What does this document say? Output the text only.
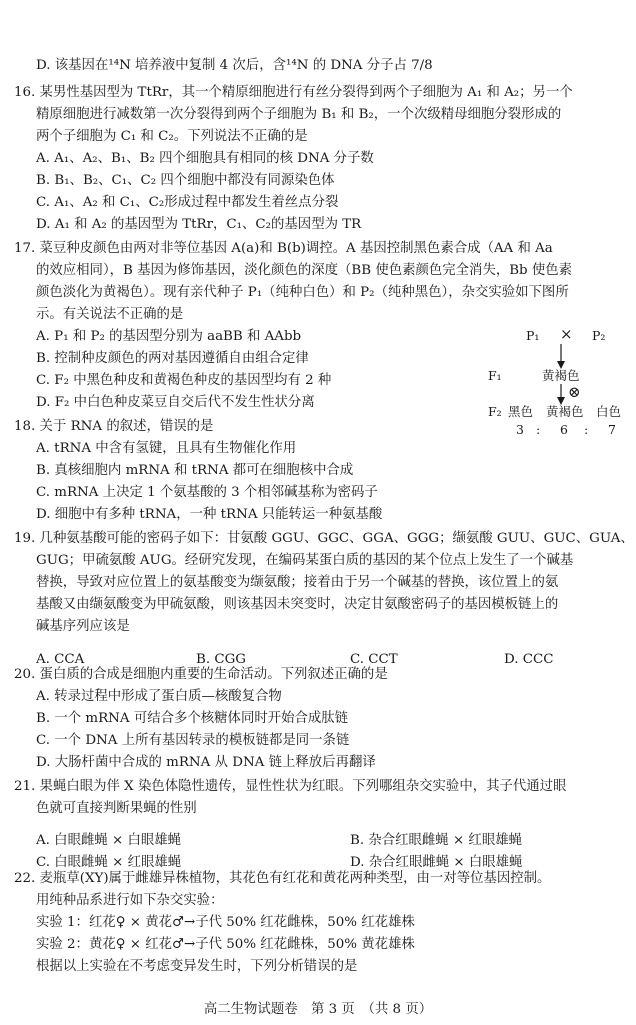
D. 该基因在¹⁴N 培养液中复制 4 次后，含¹⁴N 的 DNA 分子占 7/8
16. 某男性基因型为 TtRr，其一个精原细胞进行有丝分裂得到两个子细胞为 A₁ 和 A₂；另一个
精原细胞进行减数第一次分裂得到两个子细胞为 B₁ 和 B₂，一个次级精母细胞分裂形成的
两个子细胞为 C₁ 和 C₂。下列说法不正确的是
A. A₁、A₂、B₁、B₂ 四个细胞具有相同的核 DNA 分子数
B. B₁、B₂、C₁、C₂ 四个细胞中都没有同源染色体
C. A₁、A₂ 和 C₁、C₂形成过程中都发生着丝点分裂
D. A₁ 和 A₂ 的基因型为 TtRr，C₁、C₂的基因型为 TR
17. 菜豆种皮颜色由两对非等位基因 A(a)和 B(b)调控。A 基因控制黑色素合成（AA 和 Aa
的效应相同），B 基因为修饰基因，淡化颜色的深度（BB 使色素颜色完全消失，Bb 使色素
颜色淡化为黄褐色）。现有亲代种子 P₁（纯种白色）和 P₂（纯种黑色），杂交实验如下图所
示。有关说法不正确的是
A. P₁ 和 P₂ 的基因型分别为 aaBB 和 AAbb
B. 控制种皮颜色的两对基因遵循自由组合定律
C. F₂ 中黑色种皮和黄褐色种皮的基因型均有 2 种
D. F₂ 中白色种皮菜豆自交后代不发生性状分离
18. 关于 RNA 的叙述，错误的是
A. tRNA 中含有氢键，且具有生物催化作用
B. 真核细胞内 mRNA 和 tRNA 都可在细胞核中合成
C. mRNA 上决定 1 个氨基酸的 3 个相邻碱基称为密码子
D. 细胞中有多种 tRNA，一种 tRNA 只能转运一种氨基酸
19. 几种氨基酸可能的密码子如下：甘氨酸 GGU、GGC、GGA、GGG；缬氨酸 GUU、GUC、GUA、
GUG；甲硫氨酸 AUG。经研究发现，在编码某蛋白质的基因的某个位点上发生了一个碱基
替换，导致对应位置上的氨基酸变为缬氨酸；接着由于另一个碱基的替换，该位置上的氨
基酸又由缬氨酸变为甲硫氨酸，则该基因未突变时，决定甘氨酸密码子的基因模板链上的
碱基序列应该是
20. 蛋白质的合成是细胞内重要的生命活动。下列叙述正确的是
A. 转录过程中形成了蛋白质—核酸复合物
B. 一个 mRNA 可结合多个核糖体同时开始合成肽链
C. 一个 DNA 上所有基因转录的模板链都是同一条链
D. 大肠杆菌中合成的 mRNA 从 DNA 链上释放后再翻译
21. 果蝇白眼为伴 X 染色体隐性遗传，显性性状为红眼。下列哪组杂交实验中，其子代通过眼
色就可直接判断果蝇的性别
22. 麦瓶草(XY)属于雌雄异株植物，其花色有红花和黄花两种类型，由一对等位基因控制。
用纯种品系进行如下杂交实验：
实验 1：红花♀ × 黄花♂→子代 50% 红花雌株，50% 红花雄株
实验 2：黄花♀ × 红花♂→子代 50% 红花雌株，50% 黄花雄株
根据以上实验在不考虑变异发生时，下列分析错误的是
A. CCA	B. CGG	C. CCT	D. CCC
A. 白眼雌蝇 × 白眼雄蝇	B. 杂合红眼雌蝇 × 红眼雄蝇
C. 白眼雌蝇 × 红眼雄蝇	D. 杂合红眼雌蝇 × 白眼雄蝇
P₁ × P₂
F₁	黄褐色
⊗
F₂ 黑色 黄褐色 白色
3 : 6 : 7
高二生物试题卷　第 3 页　（共 8 页）
